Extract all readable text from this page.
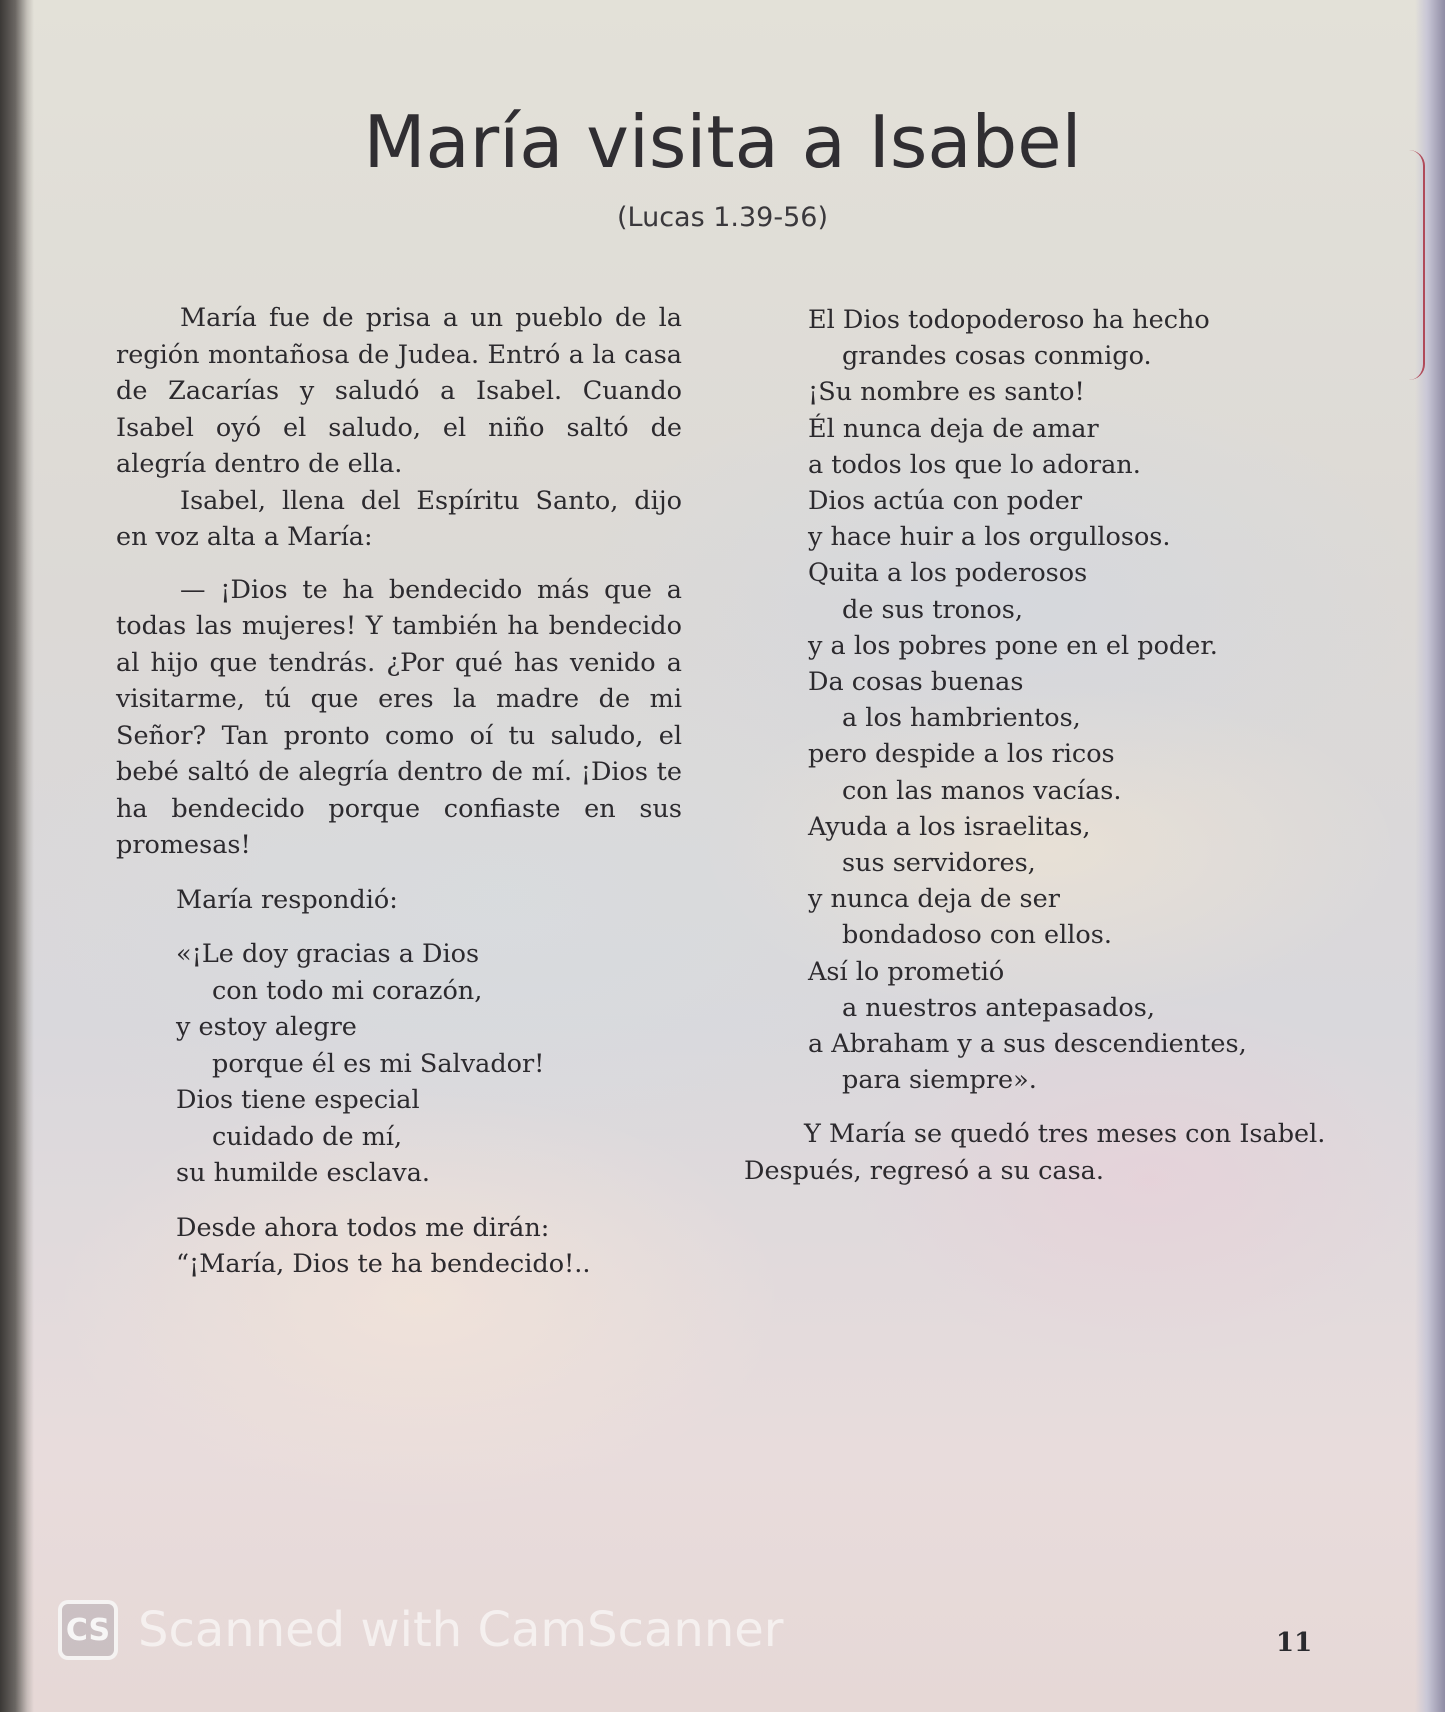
María visita a Isabel
(Lucas 1.39-56)

María fue de prisa a un pueblo de la región montañosa de Judea. Entró a la casa de Zacarías y saludó a Isabel. Cuando Isabel oyó el saludo, el niño saltó de alegría dentro de ella.

Isabel, llena del Espíritu Santo, dijo en voz alta a María:

— ¡Dios te ha bendecido más que a todas las mujeres! Y también ha bendecido al hijo que tendrás. ¿Por qué has venido a visitarme, tú que eres la madre de mi Señor? Tan pronto como oí tu saludo, el bebé saltó de alegría dentro de mí. ¡Dios te ha bendecido porque confiaste en sus promesas!

María respondió:
«¡Le doy gracias a Dios
con todo mi corazón,
y estoy alegre
porque él es mi Salvador!
Dios tiene especial
cuidado de mí,
su humilde esclava.
Desde ahora todos me dirán:
“¡María, Dios te ha bendecido!..
El Dios todopoderoso ha hecho
grandes cosas conmigo.
¡Su nombre es santo!
Él nunca deja de amar
a todos los que lo adoran.
Dios actúa con poder
y hace huir a los orgullosos.
Quita a los poderosos
de sus tronos,
y a los pobres pone en el poder.
Da cosas buenas
a los hambrientos,
pero despide a los ricos
con las manos vacías.
Ayuda a los israelitas,
sus servidores,
y nunca deja de ser
bondadoso con ellos.
Así lo prometió
a nuestros antepasados,
a Abraham y a sus descendientes,
para siempre».
Y María se quedó tres meses con Isabel.
Después, regresó a su casa.
CS Scanned with CamScanner	11
